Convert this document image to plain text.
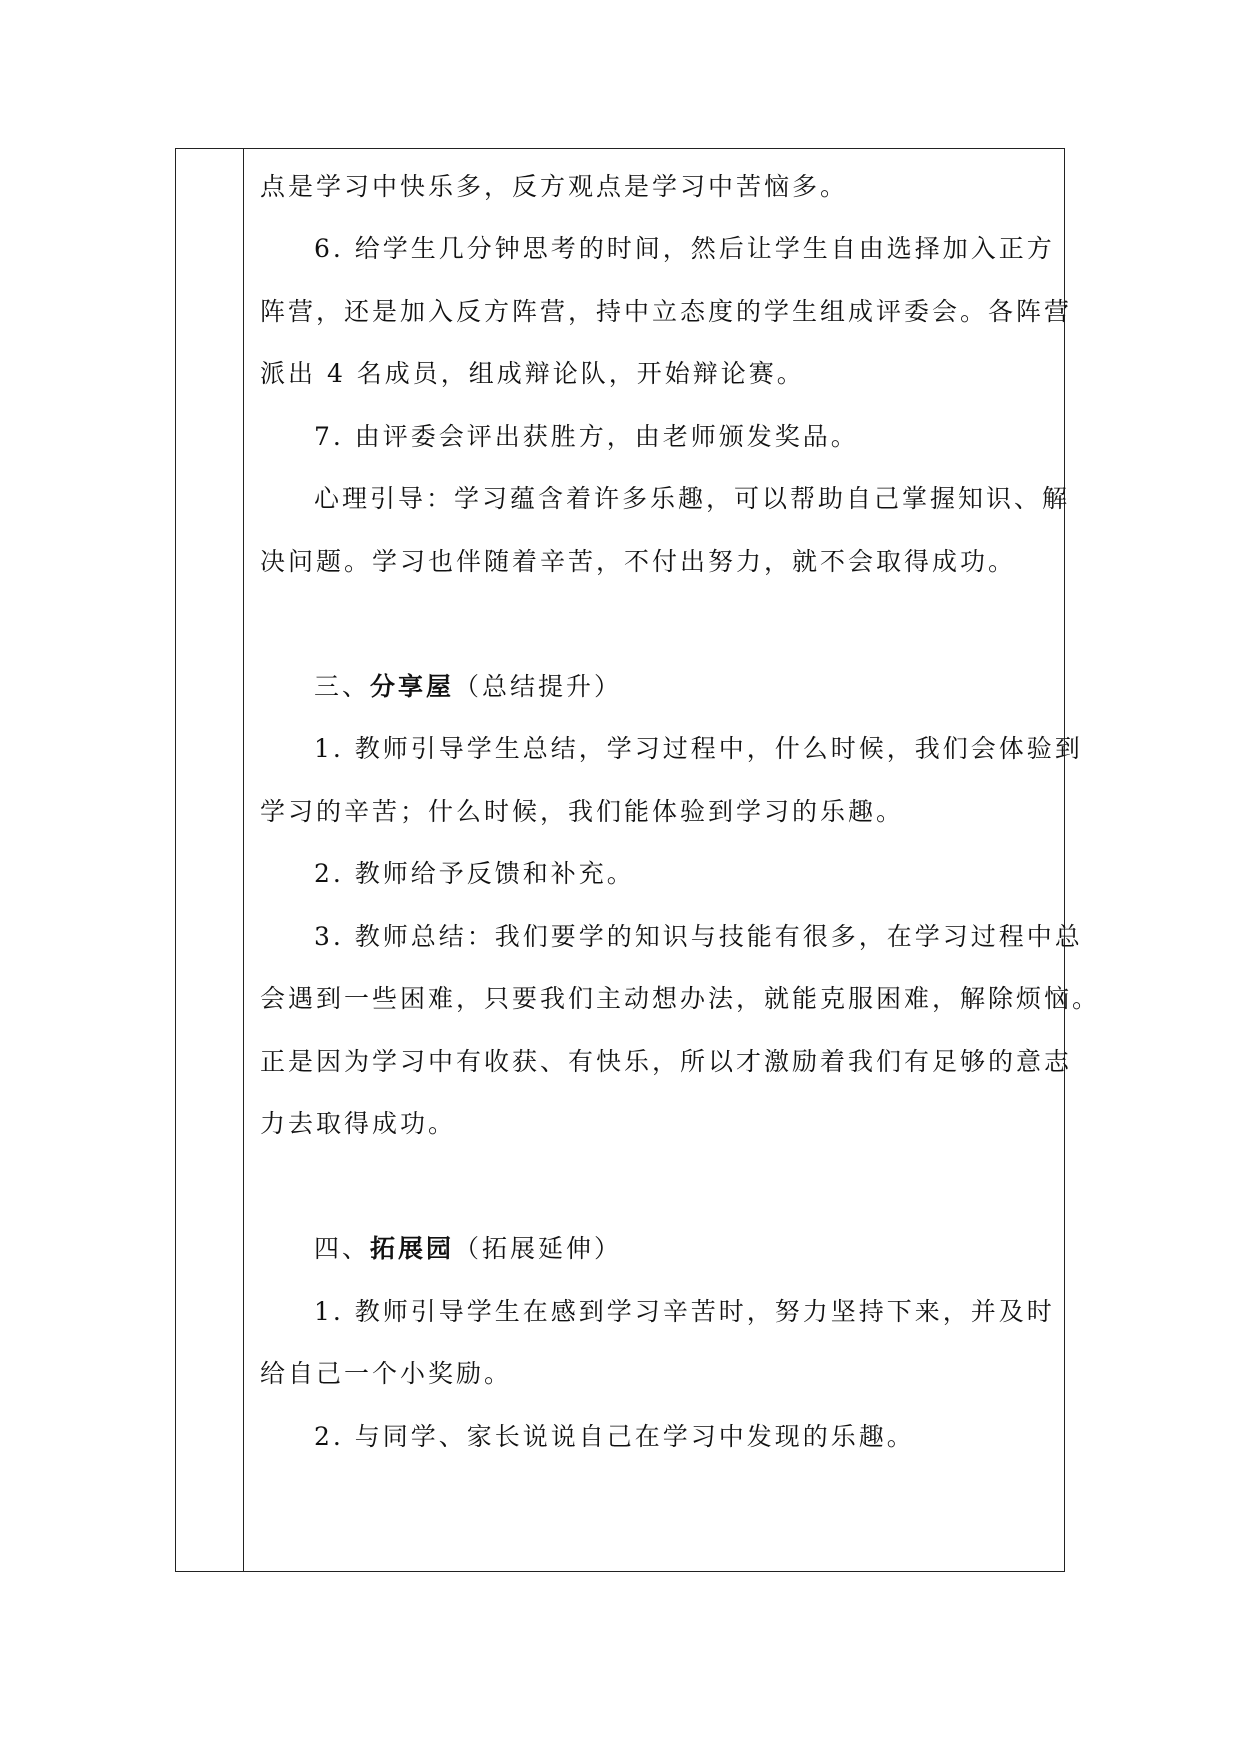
点是学习中快乐多，反方观点是学习中苦恼多。
6. 给学生几分钟思考的时间，然后让学生自由选择加入正方
阵营，还是加入反方阵营，持中立态度的学生组成评委会。各阵营
派出 4 名成员，组成辩论队，开始辩论赛。
7. 由评委会评出获胜方，由老师颁发奖品。
心理引导：学习蕴含着许多乐趣，可以帮助自己掌握知识、解
决问题。学习也伴随着辛苦，不付出努力，就不会取得成功。
三、分享屋（总结提升）
1. 教师引导学生总结，学习过程中，什么时候，我们会体验到
学习的辛苦；什么时候，我们能体验到学习的乐趣。
2. 教师给予反馈和补充。
3. 教师总结：我们要学的知识与技能有很多，在学习过程中总
会遇到一些困难，只要我们主动想办法，就能克服困难，解除烦恼。
正是因为学习中有收获、有快乐，所以才激励着我们有足够的意志
力去取得成功。
四、拓展园（拓展延伸）
1. 教师引导学生在感到学习辛苦时，努力坚持下来，并及时
给自己一个小奖励。
2. 与同学、家长说说自己在学习中发现的乐趣。
